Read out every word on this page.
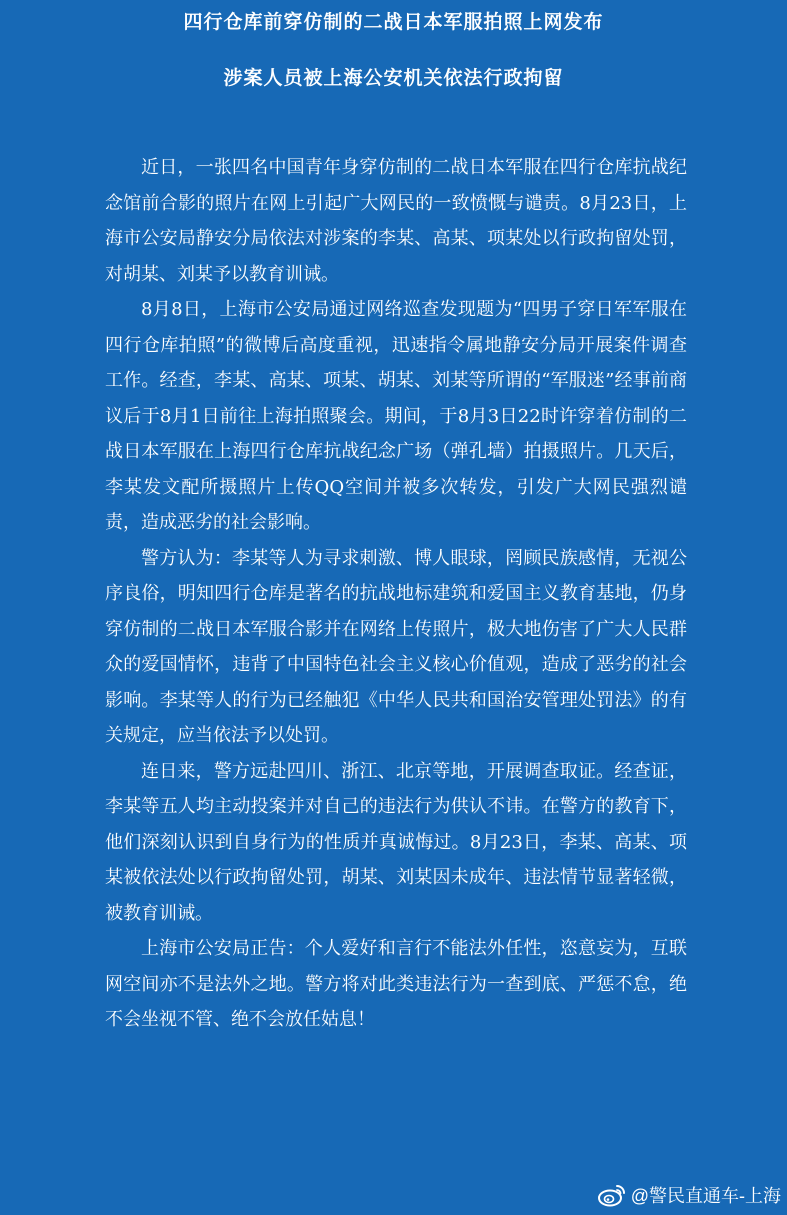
四行仓库前穿仿制的二战日本军服拍照上网发布
涉案人员被上海公安机关依法行政拘留

近日，一张四名中国青年身穿仿制的二战日本军服在四行仓库抗战纪念馆前合影的照片在网上引起广大网民的一致愤慨与谴责。8月23日，上海市公安局静安分局依法对涉案的李某、高某、项某处以行政拘留处罚，对胡某、刘某予以教育训诫。

8月8日，上海市公安局通过网络巡查发现题为“四男子穿日军军服在四行仓库拍照”的微博后高度重视，迅速指令属地静安分局开展案件调查工作。经查，李某、高某、项某、胡某、刘某等所谓的“军服迷”经事前商议后于8月1日前往上海拍照聚会。期间，于8月3日22时许穿着仿制的二战日本军服在上海四行仓库抗战纪念广场（弹孔墙）拍摄照片。几天后，李某发文配所摄照片上传QQ空间并被多次转发，引发广大网民强烈谴责，造成恶劣的社会影响。

警方认为：李某等人为寻求刺激、博人眼球，罔顾民族感情，无视公序良俗，明知四行仓库是著名的抗战地标建筑和爱国主义教育基地，仍身穿仿制的二战日本军服合影并在网络上传照片，极大地伤害了广大人民群众的爱国情怀，违背了中国特色社会主义核心价值观，造成了恶劣的社会影响。李某等人的行为已经触犯《中华人民共和国治安管理处罚法》的有关规定，应当依法予以处罚。

连日来，警方远赴四川、浙江、北京等地，开展调查取证。经查证，李某等五人均主动投案并对自己的违法行为供认不讳。在警方的教育下，他们深刻认识到自身行为的性质并真诚悔过。8月23日，李某、高某、项某被依法处以行政拘留处罚，胡某、刘某因未成年、违法情节显著轻微，被教育训诫。

上海市公安局正告：个人爱好和言行不能法外任性，恣意妄为，互联网空间亦不是法外之地。警方将对此类违法行为一查到底、严惩不怠，绝不会坐视不管、绝不会放任姑息！

@警民直通车-上海
